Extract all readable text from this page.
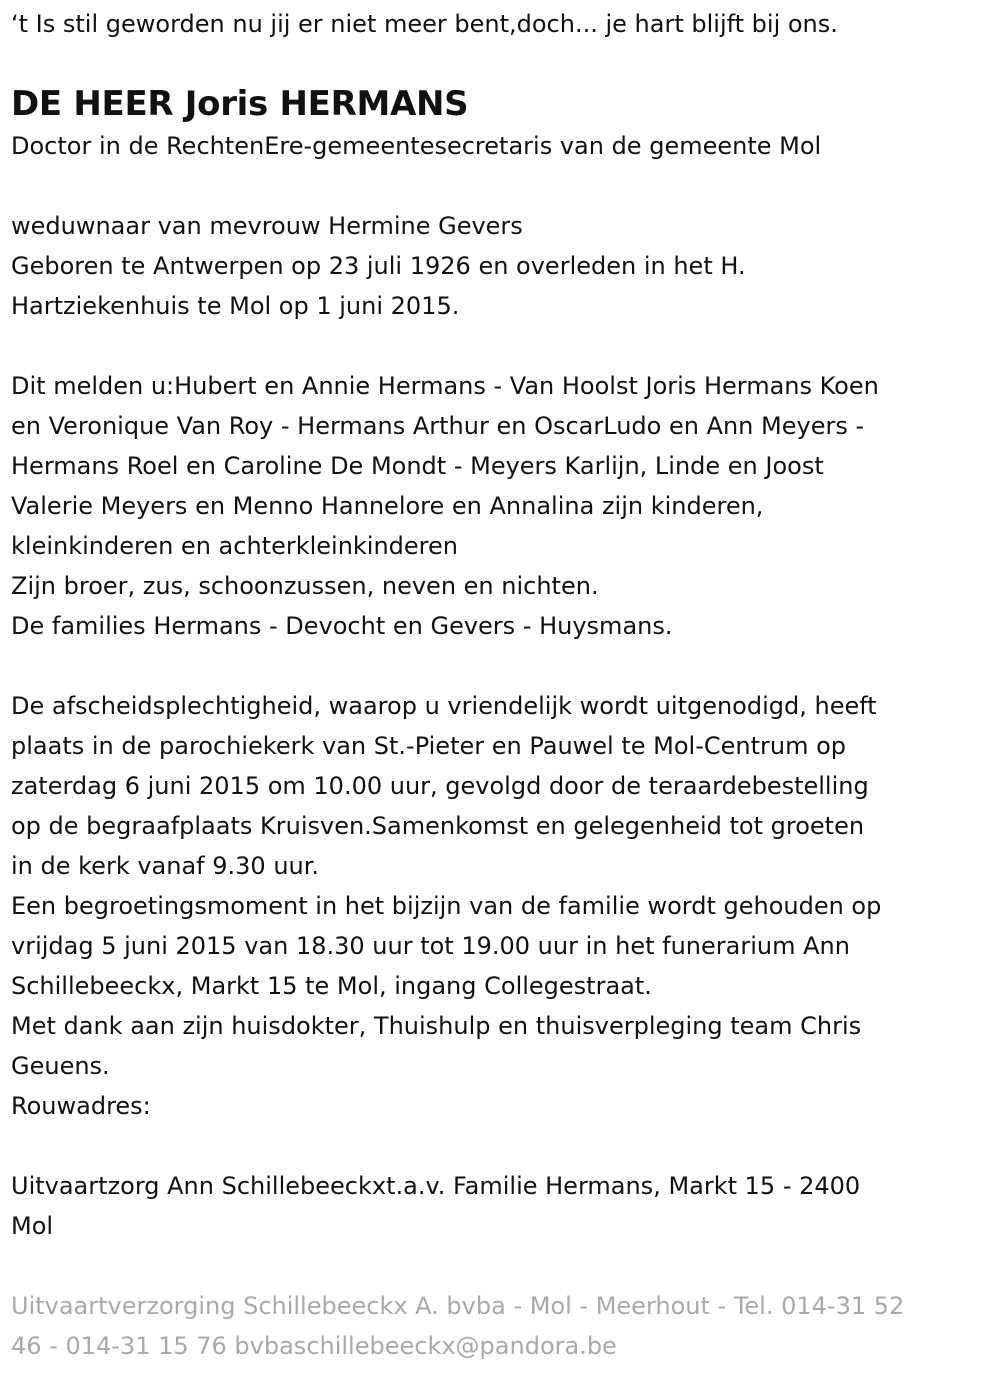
‘t Is stil geworden nu jij er niet meer bent,doch... je hart blijft bij ons.

DE HEER Joris HERMANS

Doctor in de RechtenEre-gemeentesecretaris van de gemeente Mol

weduwnaar van mevrouw Hermine Gevers

Geboren te Antwerpen op 23 juli 1926 en overleden in het H.

Hartziekenhuis te Mol op 1 juni 2015.

Dit melden u:Hubert en Annie Hermans - Van Hoolst Joris Hermans Koen

en Veronique Van Roy - Hermans Arthur en OscarLudo en Ann Meyers -

Hermans Roel en Caroline De Mondt - Meyers Karlijn, Linde en Joost

Valerie Meyers en Menno Hannelore en Annalina zijn kinderen,

kleinkinderen en achterkleinkinderen

Zijn broer, zus, schoonzussen, neven en nichten.

De families Hermans - Devocht en Gevers - Huysmans.

De afscheidsplechtigheid, waarop u vriendelijk wordt uitgenodigd, heeft

plaats in de parochiekerk van St.-Pieter en Pauwel te Mol-Centrum op

zaterdag 6 juni 2015 om 10.00 uur, gevolgd door de teraardebestelling

op de begraafplaats Kruisven.Samenkomst en gelegenheid tot groeten

in de kerk vanaf 9.30 uur.

Een begroetingsmoment in het bijzijn van de familie wordt gehouden op

vrijdag 5 juni 2015 van 18.30 uur tot 19.00 uur in het funerarium Ann

Schillebeeckx, Markt 15 te Mol, ingang Collegestraat.

Met dank aan zijn huisdokter, Thuishulp en thuisverpleging team Chris

Geuens.

Rouwadres:

Uitvaartzorg Ann Schillebeeckxt.a.v. Familie Hermans, Markt 15 - 2400

Mol

Uitvaartverzorging Schillebeeckx A. bvba - Mol - Meerhout - Tel. 014-31 52

46 - 014-31 15 76 bvbaschillebeeckx@pandora.be
